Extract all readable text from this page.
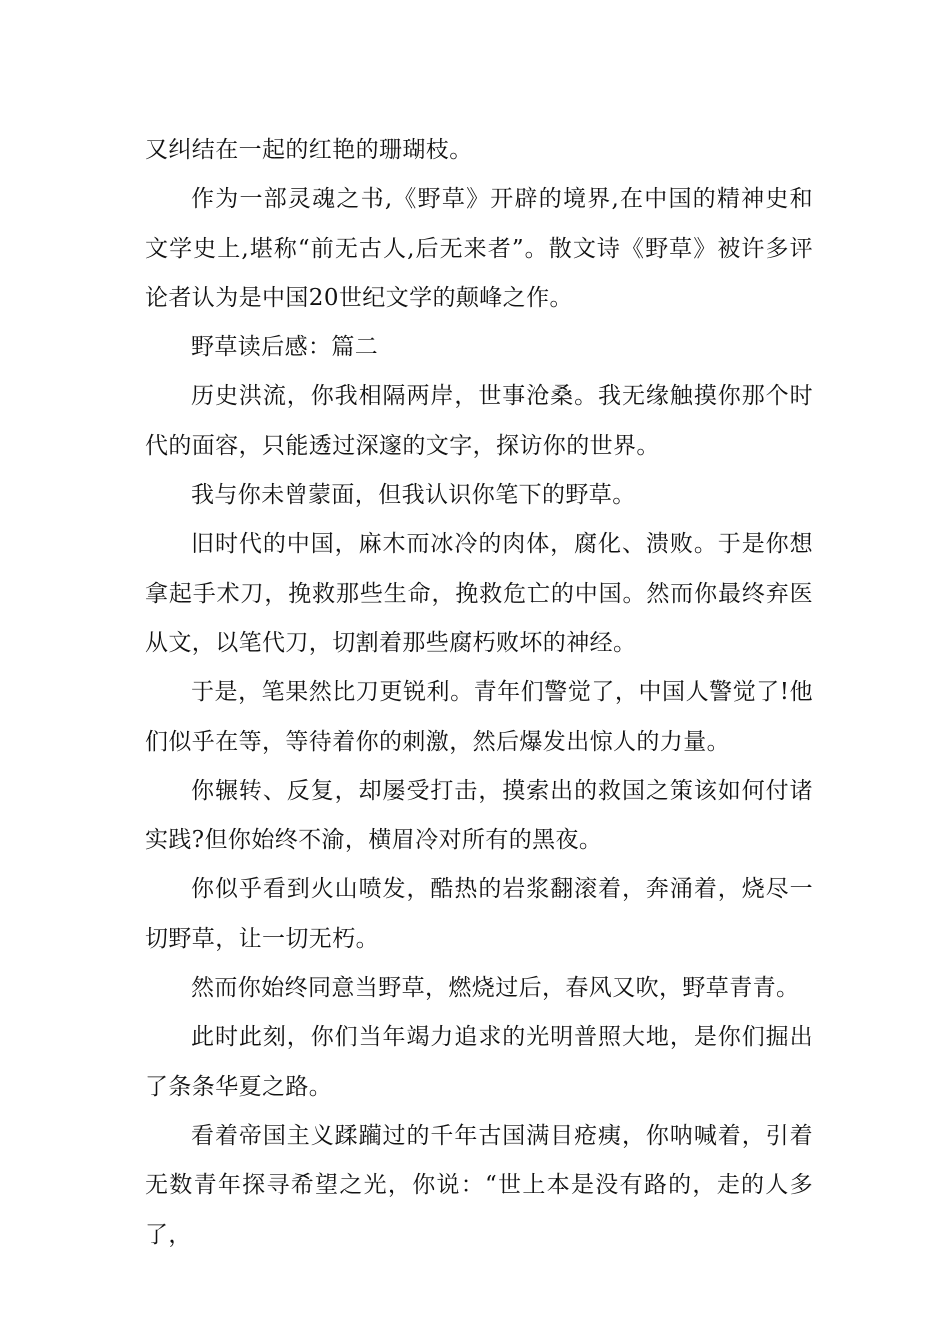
又纠结在一起的红艳的珊瑚枝。

作为一部灵魂之书,《野草》开辟的境界,在中国的精神史和文学史上,堪称“前无古人,后无来者”。散文诗《野草》被许多评论者认为是中国20世纪文学的颠峰之作。

野草读后感：篇二

历史洪流，你我相隔两岸，世事沧桑。我无缘触摸你那个时代的面容，只能透过深邃的文字，探访你的世界。

我与你未曾蒙面，但我认识你笔下的野草。

旧时代的中国，麻木而冰冷的肉体，腐化、溃败。于是你想拿起手术刀，挽救那些生命，挽救危亡的中国。然而你最终弃医从文，以笔代刀，切割着那些腐朽败坏的神经。

于是，笔果然比刀更锐利。青年们警觉了，中国人警觉了!他们似乎在等，等待着你的刺激，然后爆发出惊人的力量。

你辗转、反复，却屡受打击，摸索出的救国之策该如何付诸实践?但你始终不渝，横眉冷对所有的黑夜。

你似乎看到火山喷发，酷热的岩浆翻滚着，奔涌着，烧尽一切野草，让一切无朽。

然而你始终同意当野草，燃烧过后，春风又吹，野草青青。

此时此刻，你们当年竭力追求的光明普照大地，是你们掘出了条条华夏之路。

看着帝国主义蹂躏过的千年古国满目疮痍，你呐喊着，引着无数青年探寻希望之光，你说：“世上本是没有路的，走的人多了，
